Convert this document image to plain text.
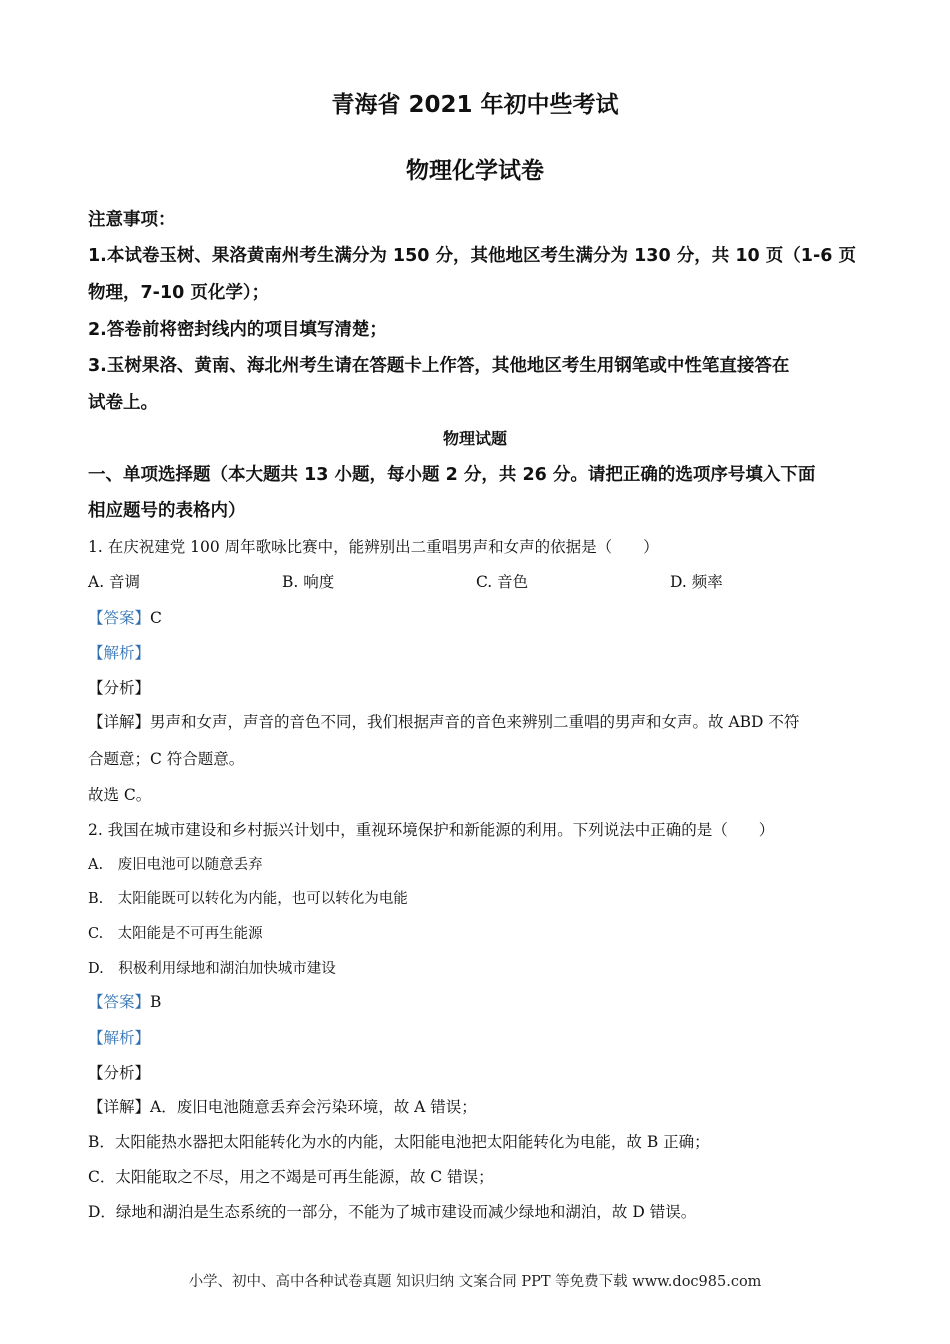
青海省 2021 年初中些考试
物理化学试卷
注意事项：
1.本试卷玉树、果洛黄南州考生满分为 150 分，其他地区考生满分为 130 分，共 10 页（1-6 页
物理，7-10 页化学）；
2.答卷前将密封线内的项目填写清楚；
3.玉树果洛、黄南、海北州考生请在答题卡上作答，其他地区考生用钢笔或中性笔直接答在
试卷上。
物理试题
一、单项选择题（本大题共 13 小题，每小题 2 分，共 26 分。请把正确的选项序号填入下面
相应题号的表格内）
1. 在庆祝建党 100 周年歌咏比赛中，能辨别出二重唱男声和女声的依据是（　　）
A. 音调	B. 响度	C. 音色	D. 频率
【答案】C
【解析】
【分析】
【详解】男声和女声，声音的音色不同，我们根据声音的音色来辨别二重唱的男声和女声。故 ABD 不符
合题意；C 符合题意。
故选 C。
2. 我国在城市建设和乡村振兴计划中，重视环境保护和新能源的利用。下列说法中正确的是（　　）
A.　废旧电池可以随意丢弃
B.　太阳能既可以转化为内能，也可以转化为电能
C.　太阳能是不可再生能源
D.　积极利用绿地和湖泊加快城市建设
【答案】B
【解析】
【分析】
【详解】A．废旧电池随意丢弃会污染环境，故 A 错误；
B．太阳能热水器把太阳能转化为水的内能，太阳能电池把太阳能转化为电能，故 B 正确；
C．太阳能取之不尽，用之不竭是可再生能源，故 C 错误；
D．绿地和湖泊是生态系统的一部分，不能为了城市建设而减少绿地和湖泊，故 D 错误。
小学、初中、高中各种试卷真题 知识归纳 文案合同 PPT 等免费下载 www.doc985.com
